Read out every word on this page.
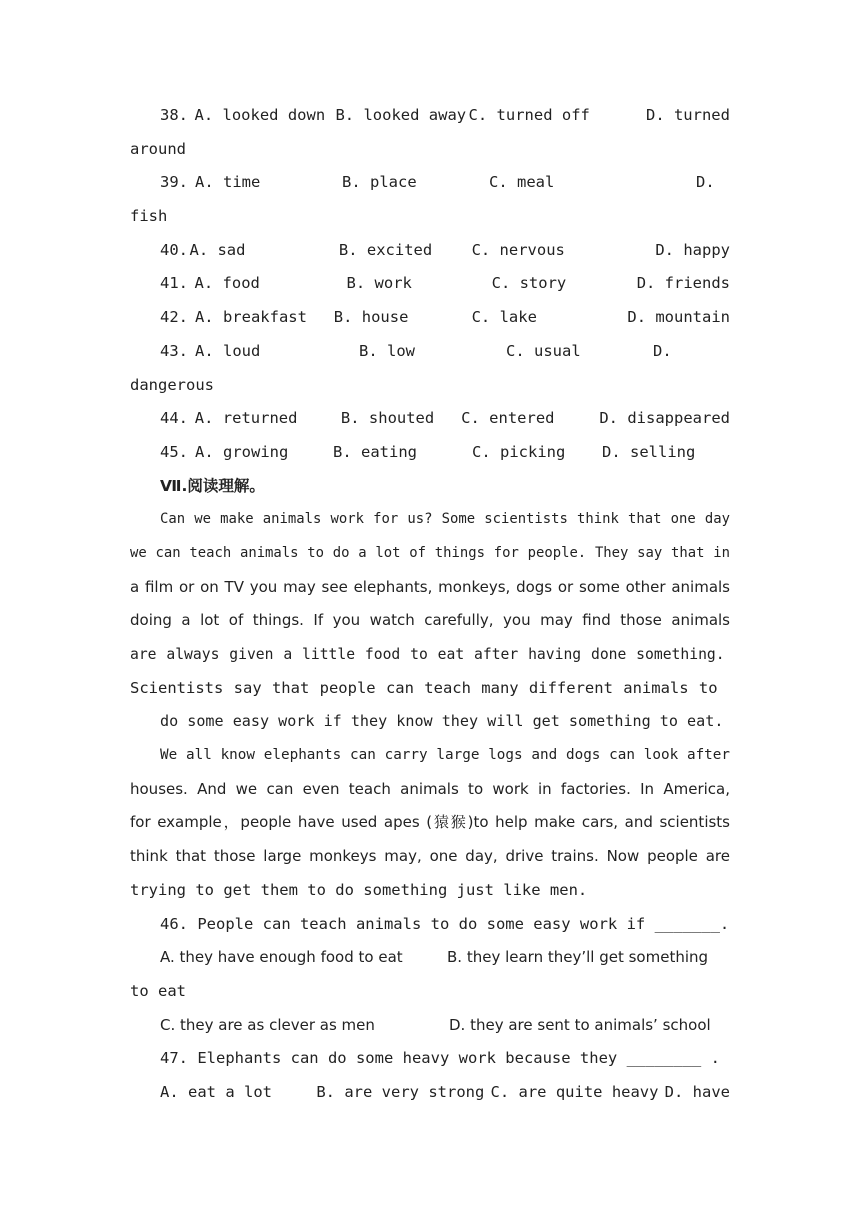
38. A. looked down B. looked away C. turned off	D. turned
around
39. A. time	B. place	C. meal	D.
fish
40. A. sad	B. excited	C. nervous	D. happy
41. A. food	B. work	C. story	D. friends
42. A. breakfast	B. house	C. lake	D. mountain
43. A. loud	B. low	C. usual	D.
dangerous
44. A. returned	B. shouted	C. entered	D. disappeared
45. A. growing	B. eating	C. picking	D. selling
Ⅶ.阅读理解。
Can we make animals work for us? Some scientists think that one day
we can teach animals to do a lot of things for people. They say that in
a film or on TV you may see elephants, monkeys, dogs or some other animals
doing a lot of things. If you watch carefully, you may find those animals
are always given a little food to eat after having done something.
Scientists say that people can teach many different animals to
do some easy work if they know they will get something to eat.
We all know elephants can carry large logs and dogs can look after
houses. And we can even teach animals to work in factories. In America,
for example，people have used apes (猿猴)to help make cars, and scientists
think that those large monkeys may, one day, drive trains. Now people are
trying to get them to do something just like men.
46. People can teach animals to do some easy work if _______.
A. they have enough food to eat	B. they learn they’ll get something
to eat
C. they are as clever as men	D. they are sent to animals’ school
47. Elephants can do some heavy work because they ________ .
A. eat a lot	B. are very strong C. are quite heavy D. have
